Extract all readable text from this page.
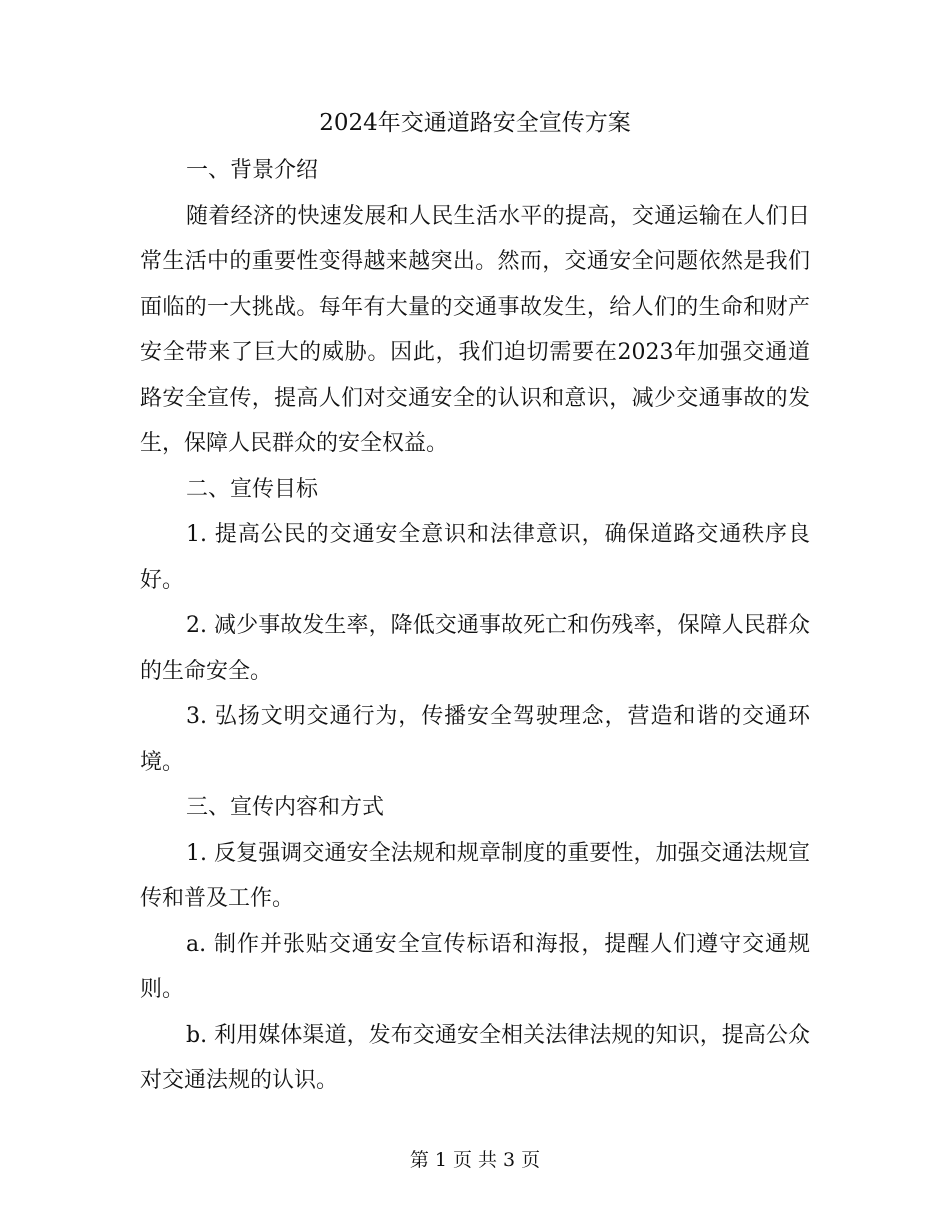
2024年交通道路安全宣传方案

一、背景介绍

随着经济的快速发展和人民生活水平的提高，交通运输在人们日常生活中的重要性变得越来越突出。然而，交通安全问题依然是我们面临的一大挑战。每年有大量的交通事故发生，给人们的生命和财产安全带来了巨大的威胁。因此，我们迫切需要在2023年加强交通道路安全宣传，提高人们对交通安全的认识和意识，减少交通事故的发生，保障人民群众的安全权益。

二、宣传目标

1. 提高公民的交通安全意识和法律意识，确保道路交通秩序良好。

2. 减少事故发生率，降低交通事故死亡和伤残率，保障人民群众的生命安全。

3. 弘扬文明交通行为，传播安全驾驶理念，营造和谐的交通环境。

三、宣传内容和方式

1. 反复强调交通安全法规和规章制度的重要性，加强交通法规宣传和普及工作。

a. 制作并张贴交通安全宣传标语和海报，提醒人们遵守交通规则。

b. 利用媒体渠道，发布交通安全相关法律法规的知识，提高公众对交通法规的认识。

第 1 页 共 3 页
